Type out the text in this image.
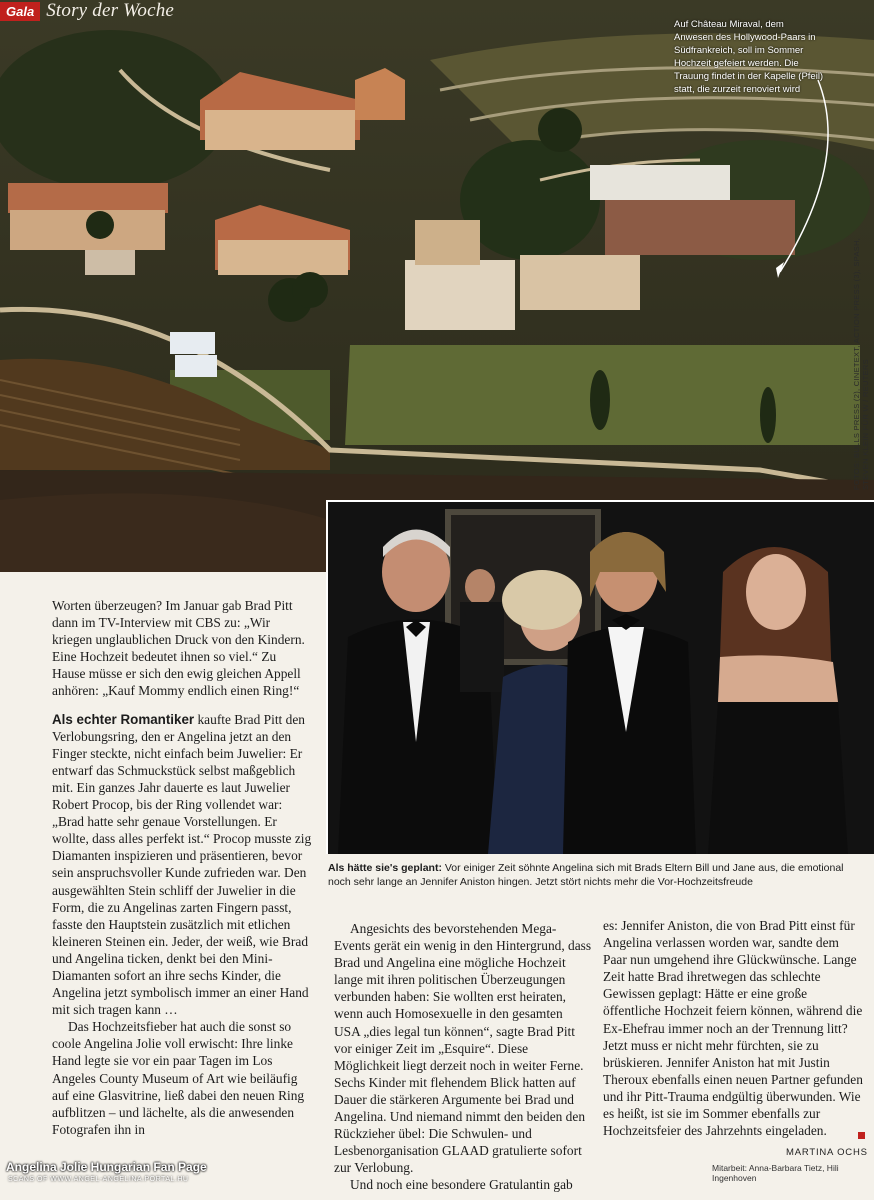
Gala Story der Woche
Auf Château Miraval, dem Anwesen des Hollywood-Paars in Südfrankreich, soll im Sommer Hochzeit gefeiert werden. Die Trauung findet in der Kapelle (Pfeil) statt, die zurzeit renoviert wird
FOTOS: BULLS PRESS (2), CINETEXT, ACTION PRESS (3), SPASH, STEVEN KLEIN FÜR W / REUTERS
Als hätte sie's geplant: Vor einiger Zeit söhnte Angelina sich mit Brads Eltern Bill und Jane aus, die emotional noch sehr lange an Jennifer Aniston hingen. Jetzt stört nichts mehr die Vor-Hochzeitsfreude

Worten überzeugen? Im Januar gab Brad Pitt dann im TV-Interview mit CBS zu: „Wir kriegen unglaublichen Druck von den Kindern. Eine Hochzeit bedeutet ihnen so viel.“ Zu Hause müsse er sich den ewig gleichen Appell anhören: „Kauf Mommy endlich einen Ring!“

Als echter Romantiker kaufte Brad Pitt den Verlobungsring, den er Angelina jetzt an den Finger steckte, nicht einfach beim Juwelier: Er entwarf das Schmuckstück selbst maßgeblich mit. Ein ganzes Jahr dauerte es laut Juwelier Robert Procop, bis der Ring vollendet war: „Brad hatte sehr genaue Vorstellungen. Er wollte, dass alles perfekt ist.“ Procop musste zig Diamanten inspizieren und präsentieren, bevor sein anspruchsvoller Kunde zufrieden war. Den ausgewählten Stein schliff der Juwelier in die Form, die zu Angelinas zarten Fingern passt, fasste den Hauptstein zusätzlich mit etlichen kleineren Steinen ein. Jeder, der weiß, wie Brad und Angelina ticken, denkt bei den Mini-Diamanten sofort an ihre sechs Kinder, die Angelina jetzt symbolisch immer an einer Hand mit sich tragen kann …

Das Hochzeitsfieber hat auch die sonst so coole Angelina Jolie voll erwischt: Ihre linke Hand legte sie vor ein paar Tagen im Los Angeles County Museum of Art wie beiläufig auf eine Glasvitrine, ließ dabei den neuen Ring aufblitzen – und lächelte, als die anwesenden Fotografen ihn in

Angesichts des bevorstehenden Mega-Events gerät ein wenig in den Hintergrund, dass Brad und Angelina eine mögliche Hochzeit lange mit ihren politischen Überzeugungen verbunden haben: Sie wollten erst heiraten, wenn auch Homosexuelle in den gesamten USA „dies legal tun können“, sagte Brad Pitt vor einiger Zeit im „Esquire“. Diese Möglichkeit liegt derzeit noch in weiter Ferne. Sechs Kinder mit flehendem Blick hatten auf Dauer die stärkeren Argumente bei Brad und Angelina. Und niemand nimmt den beiden den Rückzieher übel: Die Schwulen- und Lesbenorganisation GLAAD gratulierte sofort zur Verlobung.

Und noch eine besondere Gratulantin gab

es: Jennifer Aniston, die von Brad Pitt einst für Angelina verlassen worden war, sandte dem Paar nun umgehend ihre Glückwünsche. Lange Zeit hatte Brad ihretwegen das schlechte Gewissen geplagt: Hätte er eine große öffentliche Hochzeit feiern können, während die Ex-Ehefrau immer noch an der Trennung litt? Jetzt muss er nicht mehr fürchten, sie zu brüskieren. Jennifer Aniston hat mit Justin Theroux ebenfalls einen neuen Partner gefunden und ihr Pitt-Trauma endgültig überwunden. Wie es heißt, ist sie im Sommer ebenfalls zur Hochzeitsfeier des Jahrzehnts eingeladen.

MARTINA OCHS
Mitarbeit: Anna-Barbara Tietz, Hili Ingenhoven
Angelina Jolie Hungarian Fan Page
SCANS OF WWW.ANGEL-ANGELINA.PORTAL.HU
